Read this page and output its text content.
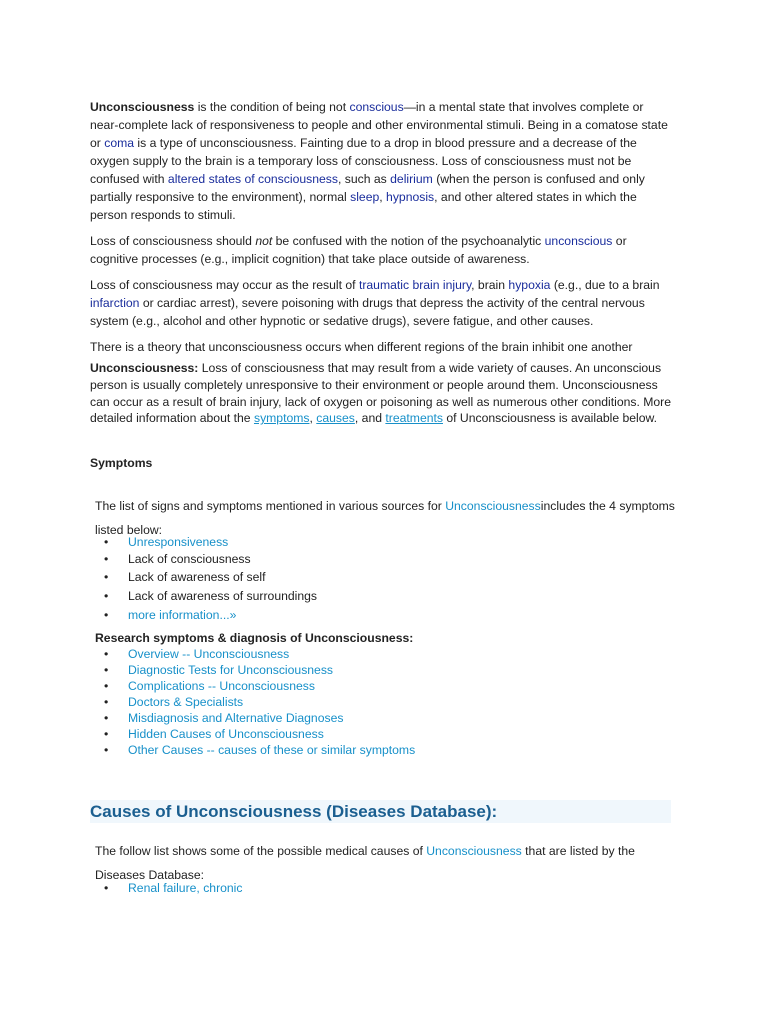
Unconsciousness is the condition of being not conscious—in a mental state that involves complete or near-complete lack of responsiveness to people and other environmental stimuli. Being in a comatose state or coma is a type of unconsciousness. Fainting due to a drop in blood pressure and a decrease of the oxygen supply to the brain is a temporary loss of consciousness. Loss of consciousness must not be confused with altered states of consciousness, such as delirium (when the person is confused and only partially responsive to the environment), normal sleep, hypnosis, and other altered states in which the person responds to stimuli.

Loss of consciousness should not be confused with the notion of the psychoanalytic unconscious or cognitive processes (e.g., implicit cognition) that take place outside of awareness.

Loss of consciousness may occur as the result of traumatic brain injury, brain hypoxia (e.g., due to a brain infarction or cardiac arrest), severe poisoning with drugs that depress the activity of the central nervous system (e.g., alcohol and other hypnotic or sedative drugs), severe fatigue, and other causes.

There is a theory that unconsciousness occurs when different regions of the brain inhibit one another

Unconsciousness: Loss of consciousness that may result from a wide variety of causes. An unconscious person is usually completely unresponsive to their environment or people around them. Unconsciousness can occur as a result of brain injury, lack of oxygen or poisoning as well as numerous other conditions. More detailed information about the symptoms, causes, and treatments of Unconsciousness is available below.

Symptoms

The list of signs and symptoms mentioned in various sources for Unconsciousnessincludes the 4 symptoms listed below:

• Unresponsiveness
• Lack of consciousness
• Lack of awareness of self
• Lack of awareness of surroundings
• more information...»

Research symptoms & diagnosis of Unconsciousness:

• Overview -- Unconsciousness
• Diagnostic Tests for Unconsciousness
• Complications -- Unconsciousness
• Doctors & Specialists
• Misdiagnosis and Alternative Diagnoses
• Hidden Causes of Unconsciousness
• Other Causes -- causes of these or similar symptoms
Causes of Unconsciousness (Diseases Database):

The follow list shows some of the possible medical causes of Unconsciousness that are listed by the Diseases Database:

• Renal failure, chronic
